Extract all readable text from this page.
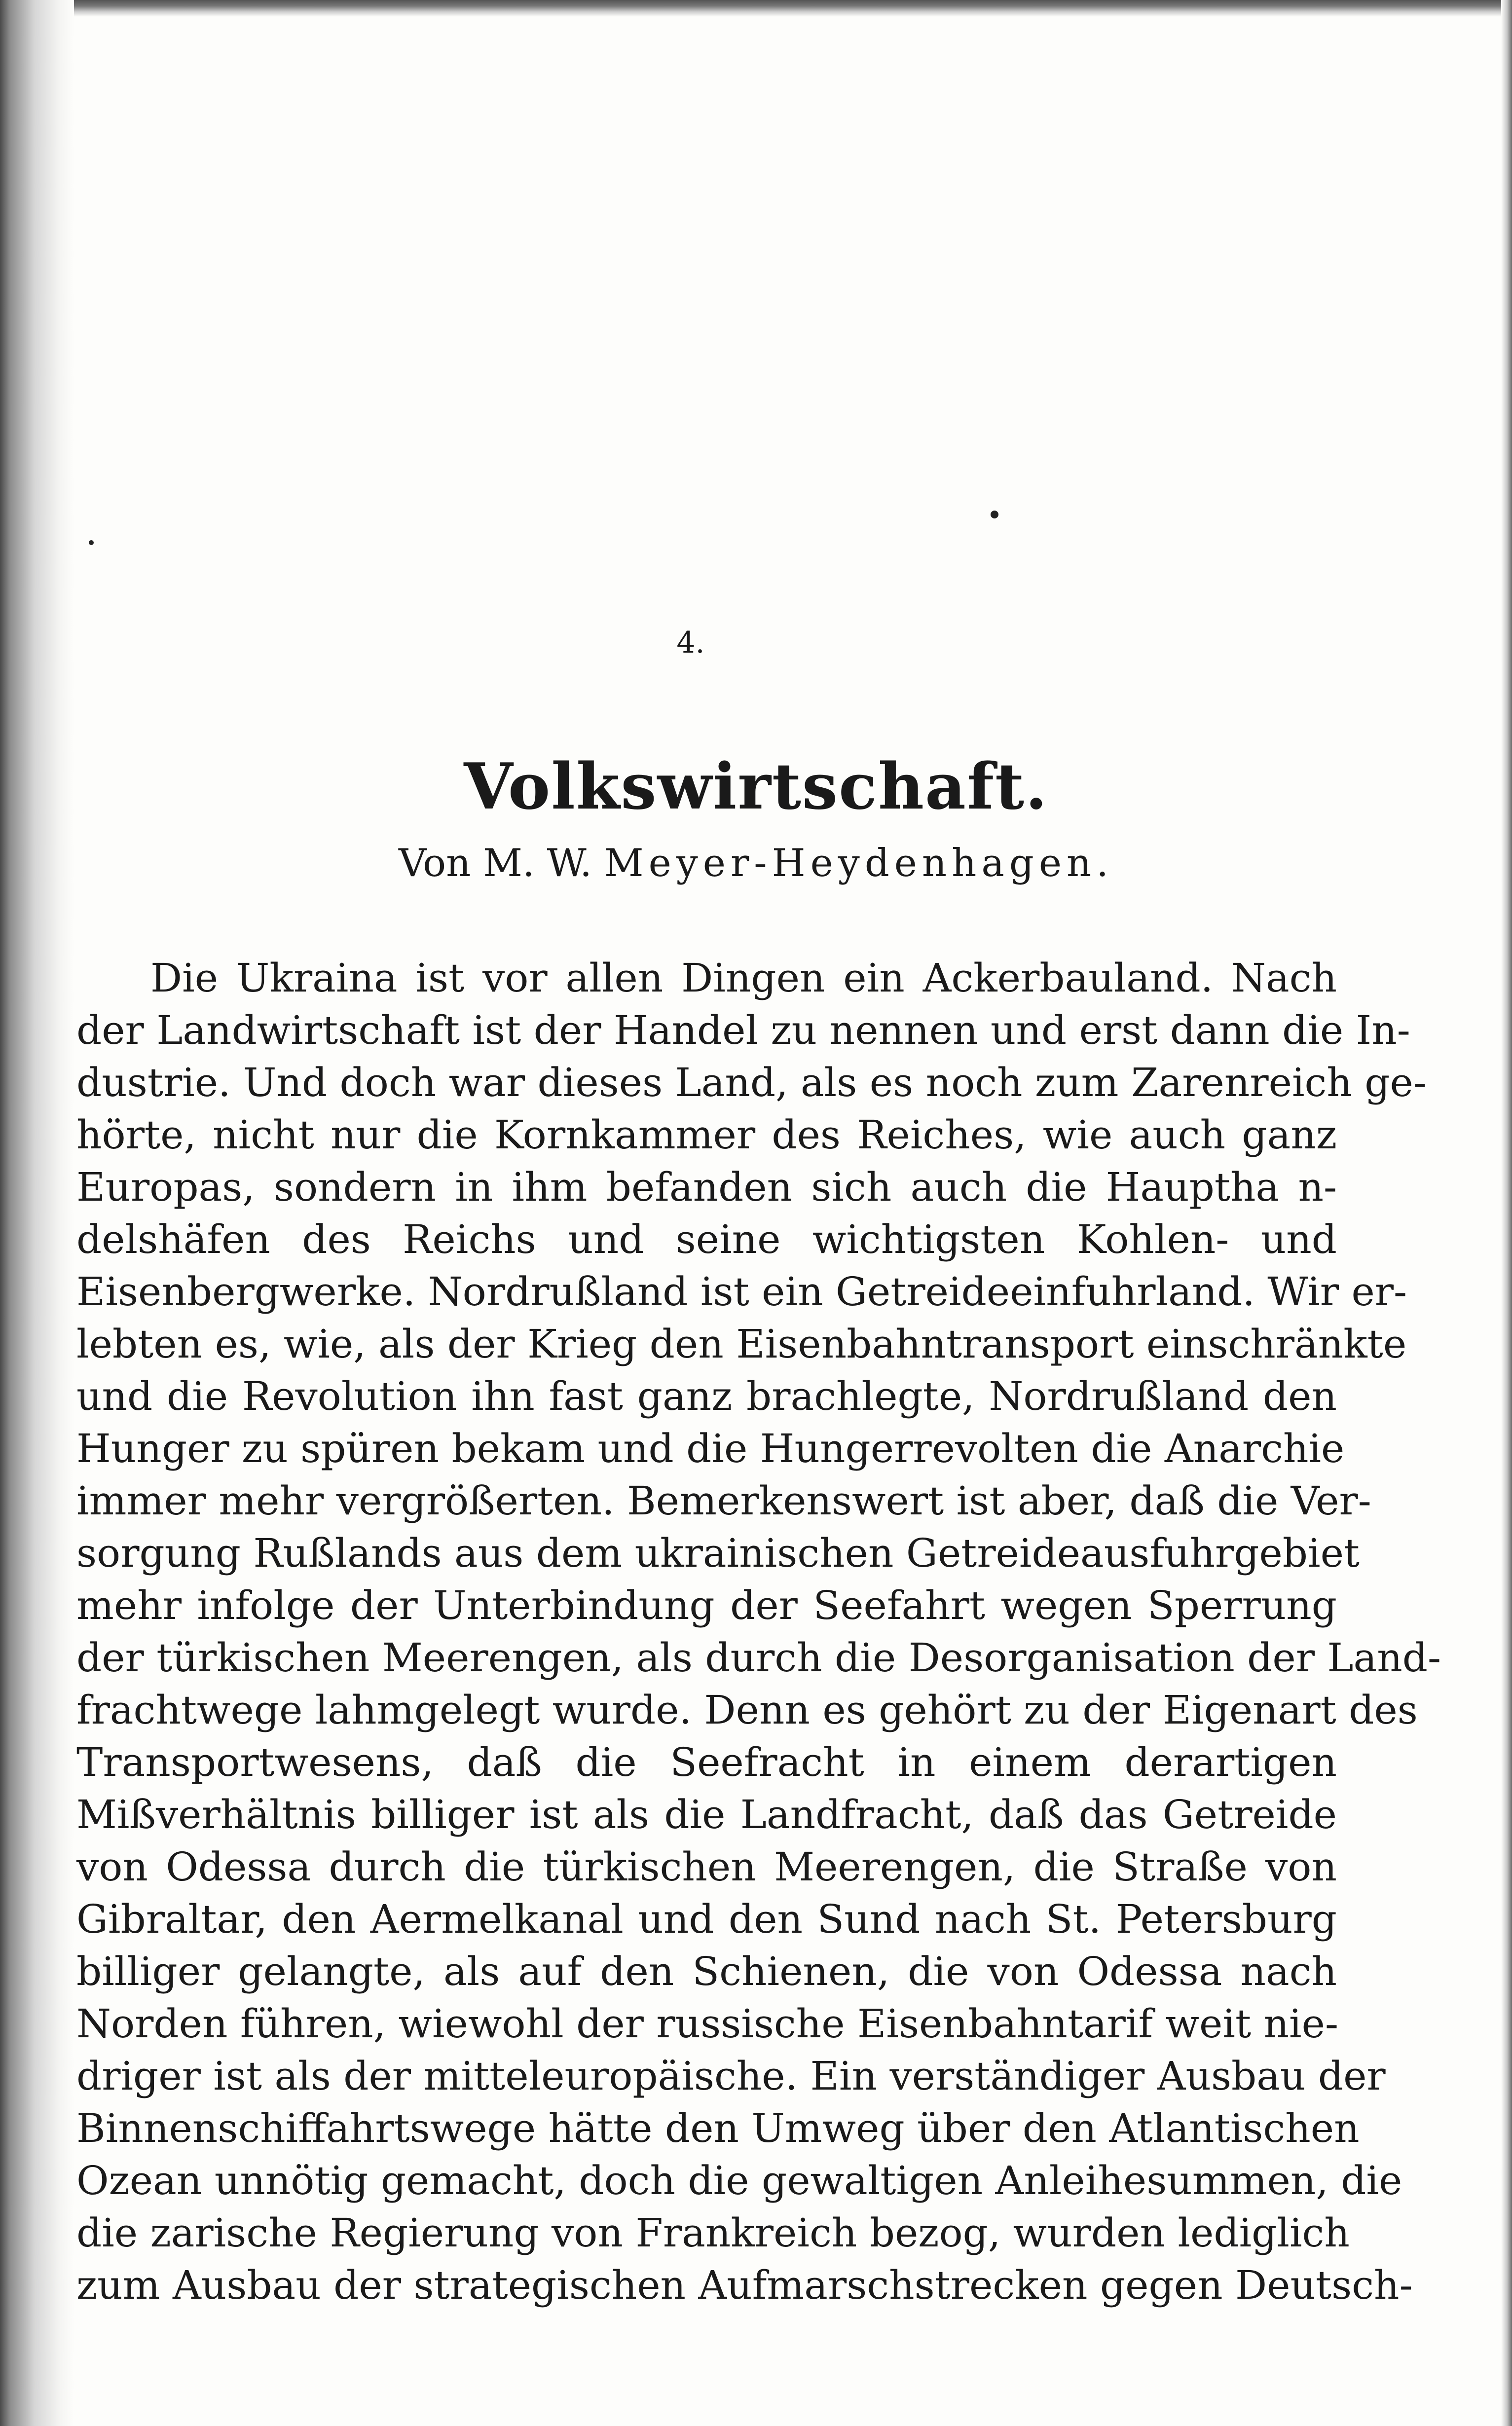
4.
Volkswirtschaft.
Von M. W. Meyer-Heydenhagen.
Die Ukraina ist vor allen Dingen ein Ackerbauland. Nach
der Landwirtschaft ist der Handel zu nennen und erst dann die In-
dustrie. Und doch war dieses Land, als es noch zum Zarenreich ge-
hörte, nicht nur die Kornkammer des Reiches, wie auch ganz
Europas, sondern in ihm befanden sich auch die Hauptha n-
delshäfen des Reichs und seine wichtigsten Kohlen- und
Eisenbergwerke. Nordrußland ist ein Getreideeinfuhrland. Wir er-
lebten es, wie, als der Krieg den Eisenbahntransport einschränkte
und die Revolution ihn fast ganz brachlegte, Nordrußland den
Hunger zu spüren bekam und die Hungerrevolten die Anarchie
immer mehr vergrößerten. Bemerkenswert ist aber, daß die Ver-
sorgung Rußlands aus dem ukrainischen Getreideausfuhrgebiet
mehr infolge der Unterbindung der Seefahrt wegen Sperrung
der türkischen Meerengen, als durch die Desorganisation der Land-
frachtwege lahmgelegt wurde. Denn es gehört zu der Eigenart des
Transportwesens, daß die Seefracht in einem derartigen
Mißverhältnis billiger ist als die Landfracht, daß das Getreide
von Odessa durch die türkischen Meerengen, die Straße von
Gibraltar, den Aermelkanal und den Sund nach St. Petersburg
billiger gelangte, als auf den Schienen, die von Odessa nach
Norden führen, wiewohl der russische Eisenbahntarif weit nie-
driger ist als der mitteleuropäische. Ein verständiger Ausbau der
Binnenschiffahrtswege hätte den Umweg über den Atlantischen
Ozean unnötig gemacht, doch die gewaltigen Anleihesummen, die
die zarische Regierung von Frankreich bezog, wurden lediglich
zum Ausbau der strategischen Aufmarschstrecken gegen Deutsch-
